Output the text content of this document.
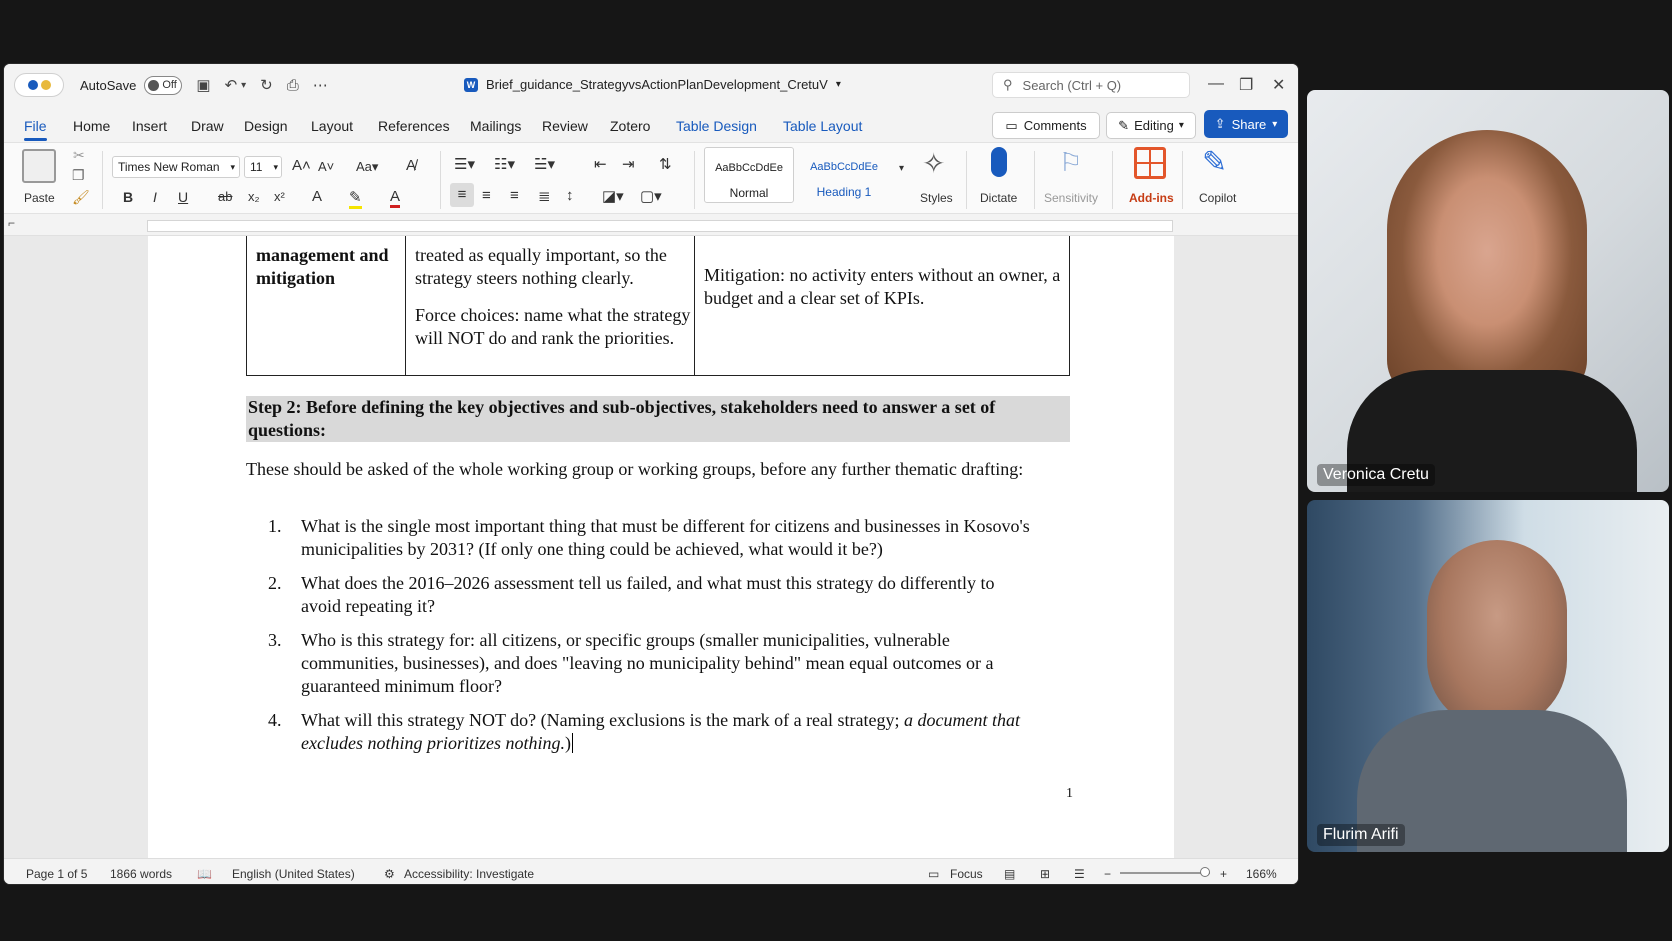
AutoSave Off ▣ ↶ ▾ ↻ ⎙ ⋯	W Brief_guidance_StrategyvsActionPlanDevelopment_CretuV ▾	⚲ Search (Ctrl + Q)	— ❐ ✕
File Home Insert Draw Design Layout References Mailings Review Zotero Table Design Table Layout	▭ Comments ✎ Editing ▾ ⇪ Share ▾
Paste
✂
❐
🖌
Times New Roman ▾ 11 ▾ A˄ A˅ Aa▾ A̸
B I U ab x₂ x² A ✎ A
☰▾ ☷▾ ☱▾	⇤ ⇥ ⇅
≡	≡ ≡ ≣ ↕ ◪▾ ▢▾
AaBbCcDdEe
Normal
AaBbCcDdEe
Heading 1
▾ ✧
Styles Dictate
⚐
Sensitivity	Add-ins
✎
Copilot
⌐
management and mitigation
treated as equally important, so the strategy steers nothing clearly.
Force choices: name what the strategy will NOT do and rank the priorities.
Mitigation: no activity enters without an owner, a budget and a clear set of KPIs.
Step 2: Before defining the key objectives and sub-objectives, stakeholders need to answer a set of questions:
These should be asked of the whole working group or working groups, before any further thematic drafting:
1.	What is the single most important thing that must be different for citizens and businesses in Kosovo's municipalities by 2031? (If only one thing could be achieved, what would it be?)
2.	What does the 2016–2026 assessment tell us failed, and what must this strategy do differently to avoid repeating it?
3.	Who is this strategy for: all citizens, or specific groups (smaller municipalities, vulnerable communities, businesses), and does "leaving no municipality behind" mean equal outcomes or a guaranteed minimum floor?
4.	What will this strategy NOT do? (Naming exclusions is the mark of a real strategy; a document that excludes nothing prioritizes nothing.)
1
Page 1 of 5 1866 words 📖 English (United States) ⚙ Accessibility: Investigate	▭ Focus ▤ ⊞ ☰ −	+ 166%
Veronica Cretu
Flurim Arifi
